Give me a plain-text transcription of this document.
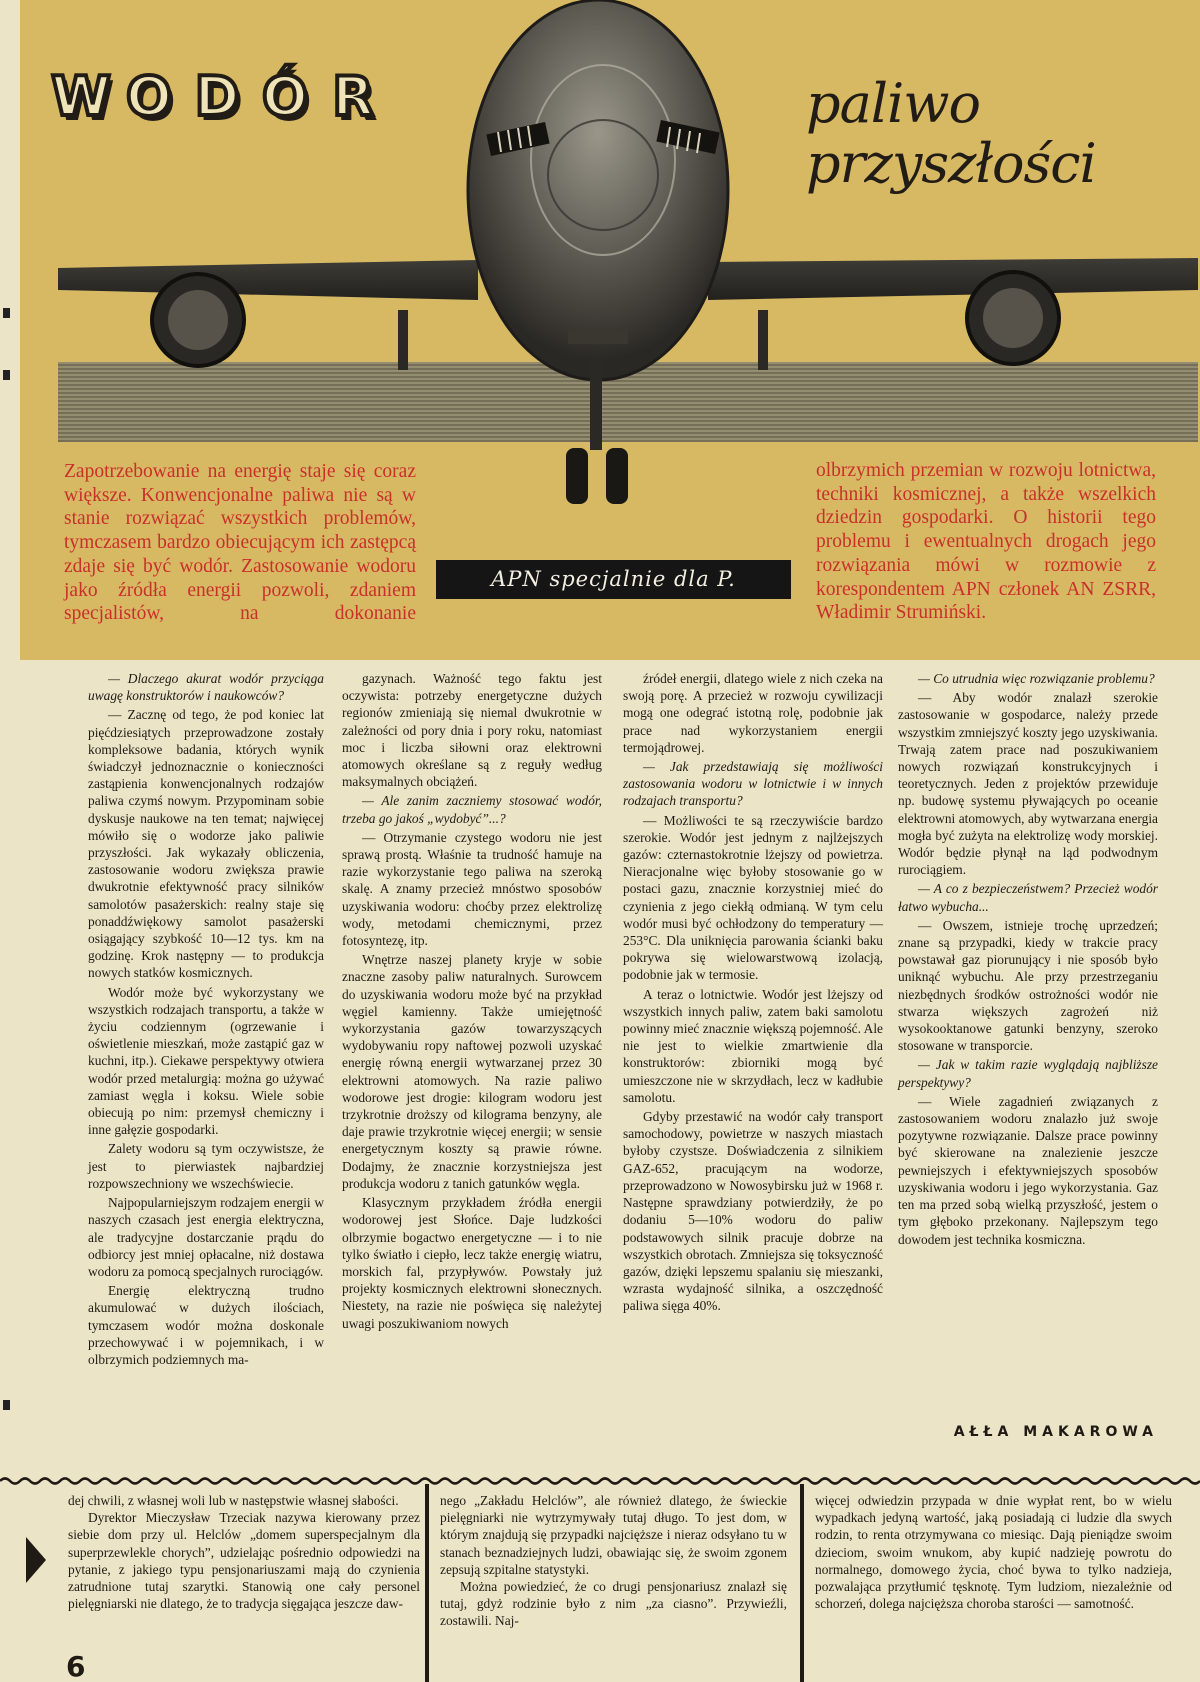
W O D Ó R	paliwo przyszłości
Zapotrzebowanie na energię staje się coraz większe. Konwencjonalne paliwa nie są w stanie rozwiązać wszystkich problemów, tymczasem bardzo obiecującym ich zastępcą zdaje się być wodór. Zastosowanie wodoru jako źródła energii pozwoli, zdaniem specjalistów, na dokonanie
olbrzymich przemian w rozwoju lotnictwa, techniki kosmicznej, a także wszelkich dziedzin gospodarki. O historii tego problemu i ewentualnych drogach jego rozwiązania mówi w rozmowie z korespondentem APN członek AN ZSRR, Władimir Strumiński.
APN specjalnie dla P.

— Dlaczego akurat wodór przyciąga uwagę konstruktorów i naukowców?

— Zacznę od tego, że pod koniec lat pięćdziesiątych przeprowadzone zostały kompleksowe badania, których wynik świadczył jednoznacznie o konieczności zastąpienia konwencjonalnych rodzajów paliwa czymś nowym. Przypominam sobie dyskusje naukowe na ten temat; najwięcej mówiło się o wodorze jako paliwie przyszłości. Jak wykazały obliczenia, zastosowanie wodoru zwiększa prawie dwukrotnie efektywność pracy silników samolotów pasażerskich: realny staje się ponaddźwiękowy samolot pasażerski osiągający szybkość 10—12 tys. km na godzinę. Krok następny — to produkcja nowych statków kosmicznych.

Wodór może być wykorzystany we wszystkich rodzajach transportu, a także w życiu codziennym (ogrzewanie i oświetlenie mieszkań, może zastąpić gaz w kuchni, itp.). Ciekawe perspektywy otwiera wodór przed metalurgią: można go używać zamiast węgla i koksu. Wiele sobie obiecują po nim: przemysł chemiczny i inne gałęzie gospodarki.

Zalety wodoru są tym oczywistsze, że jest to pierwiastek najbardziej rozpowszechniony we wszechświecie.

Najpopularniejszym rodzajem energii w naszych czasach jest energia elektryczna, ale tradycyjne dostarczanie prądu do odbiorcy jest mniej opłacalne, niż dostawa wodoru za pomocą specjalnych rurociągów.

Energię elektryczną trudno akumulować w dużych ilościach, tymczasem wodór można doskonale przechowywać i w pojemnikach, i w olbrzymich podziemnych ma-

gazynach. Ważność tego faktu jest oczywista: potrzeby energetyczne dużych regionów zmieniają się niemal dwukrotnie w zależności od pory dnia i pory roku, natomiast moc i liczba siłowni oraz elektrowni atomowych określane są z reguły według maksymalnych obciążeń.

— Ale zanim zaczniemy stosować wodór, trzeba go jakoś „wydobyć”...?

— Otrzymanie czystego wodoru nie jest sprawą prostą. Właśnie ta trudność hamuje na razie wykorzystanie tego paliwa na szeroką skalę. A znamy przecież mnóstwo sposobów uzyskiwania wodoru: choćby przez elektrolizę wody, metodami chemicznymi, przez fotosyntezę, itp.

Wnętrze naszej planety kryje w sobie znaczne zasoby paliw naturalnych. Surowcem do uzyskiwania wodoru może być na przykład węgiel kamienny. Także umiejętność wykorzystania gazów towarzyszących wydobywaniu ropy naftowej pozwoli uzyskać energię równą energii wytwarzanej przez 30 elektrowni atomowych. Na razie paliwo wodorowe jest drogie: kilogram wodoru jest trzykrotnie droższy od kilograma benzyny, ale daje prawie trzykrotnie więcej energii; w sensie energetycznym koszty są prawie równe. Dodajmy, że znacznie korzystniejsza jest produkcja wodoru z tanich gatunków węgla.

Klasycznym przykładem źródła energii wodorowej jest Słońce. Daje ludzkości olbrzymie bogactwo energetyczne — i to nie tylko światło i ciepło, lecz także energię wiatru, morskich fal, przypływów. Powstały już projekty kosmicznych elektrowni słonecznych. Niestety, na razie nie poświęca się należytej uwagi poszukiwaniom nowych

źródeł energii, dlatego wiele z nich czeka na swoją porę. A przecież w rozwoju cywilizacji mogą one odegrać istotną rolę, podobnie jak prace nad wykorzystaniem energii termojądrowej.

— Jak przedstawiają się możliwości zastosowania wodoru w lotnictwie i w innych rodzajach transportu?

— Możliwości te są rzeczywiście bardzo szerokie. Wodór jest jednym z najlżejszych gazów: czternastokrotnie lżejszy od powietrza. Nieracjonalne więc byłoby stosowanie go w postaci gazu, znacznie korzystniej mieć do czynienia z jego ciekłą odmianą. W tym celu wodór musi być ochłodzony do temperatury —253°C. Dla uniknięcia parowania ścianki baku pokrywa się wielowarstwową izolacją, podobnie jak w termosie.

A teraz o lotnictwie. Wodór jest lżejszy od wszystkich innych paliw, zatem baki samolotu powinny mieć znacznie większą pojemność. Ale nie jest to wielkie zmartwienie dla konstruktorów: zbiorniki mogą być umieszczone nie w skrzydłach, lecz w kadłubie samolotu.

Gdyby przestawić na wodór cały transport samochodowy, powietrze w naszych miastach byłoby czystsze. Doświadczenia z silnikiem GAZ-652, pracującym na wodorze, przeprowadzono w Nowosybirsku już w 1968 r. Następne sprawdziany potwierdziły, że po dodaniu 5—10% wodoru do paliw podstawowych silnik pracuje dobrze na wszystkich obrotach. Zmniejsza się toksyczność gazów, dzięki lepszemu spalaniu się mieszanki, wzrasta wydajność silnika, a oszczędność paliwa sięga 40%.

— Co utrudnia więc rozwiązanie problemu?

— Aby wodór znalazł szerokie zastosowanie w gospodarce, należy przede wszystkim zmniejszyć koszty jego uzyskiwania. Trwają zatem prace nad poszukiwaniem nowych rozwiązań konstrukcyjnych i teoretycznych. Jeden z projektów przewiduje np. budowę systemu pływających po oceanie elektrowni atomowych, aby wytwarzana energia mogła być zużyta na elektrolizę wody morskiej. Wodór będzie płynął na ląd podwodnym rurociągiem.

— A co z bezpieczeństwem? Przecież wodór łatwo wybucha...

— Owszem, istnieje trochę uprzedzeń; znane są przypadki, kiedy w trakcie pracy powstawał gaz piorunujący i nie sposób było uniknąć wybuchu. Ale przy przestrzeganiu niezbędnych środków ostrożności wodór nie stwarza większych zagrożeń niż wysokooktanowe gatunki benzyny, szeroko stosowane w transporcie.

— Jak w takim razie wyglądają najbliższe perspektywy?

— Wiele zagadnień związanych z zastosowaniem wodoru znalazło już swoje pozytywne rozwiązanie. Dalsze prace powinny być skierowane na znalezienie jeszcze pewniejszych i efektywniejszych sposobów uzyskiwania wodoru i jego wykorzystania. Gaz ten ma przed sobą wielką przyszłość, jestem o tym głęboko przekonany. Najlepszym tego dowodem jest technika kosmiczna.

AŁŁA MAKAROWA

dej chwili, z własnej woli lub w następstwie własnej słabości.

Dyrektor Mieczysław Trzeciak nazywa kierowany przez siebie dom przy ul. Helclów „domem superspecjalnym dla superprzewlekle chorych”, udzielając pośrednio odpowiedzi na pytanie, z jakiego typu pensjonariuszami mają do czynienia zatrudnione tutaj szarytki. Stanowią one cały personel pielęgniarski nie dlatego, że to tradycja sięgająca jeszcze daw-

nego „Zakładu Helclów”, ale również dlatego, że świeckie pielęgniarki nie wytrzymywały tutaj długo. To jest dom, w którym znajdują się przypadki najcięższe i nieraz odsyłano tu w stanach beznadziejnych ludzi, obawiając się, że swoim zgonem zepsują szpitalne statystyki.

Można powiedzieć, że co drugi pensjonariusz znalazł się tutaj, gdyż rodzinie było z nim „za ciasno”. Przywieźli, zostawili. Naj-

więcej odwiedzin przypada w dnie wypłat rent, bo w wielu wypadkach jedyną wartość, jaką posiadają ci ludzie dla swych rodzin, to renta otrzymywana co miesiąc. Dają pieniądze swoim dzieciom, swoim wnukom, aby kupić nadzieję powrotu do normalnego, domowego życia, choć bywa to tylko nadzieja, pozwalająca przytłumić tęsknotę. Tym ludziom, niezależnie od schorzeń, dolega najcięższa choroba starości — samotność.

6
